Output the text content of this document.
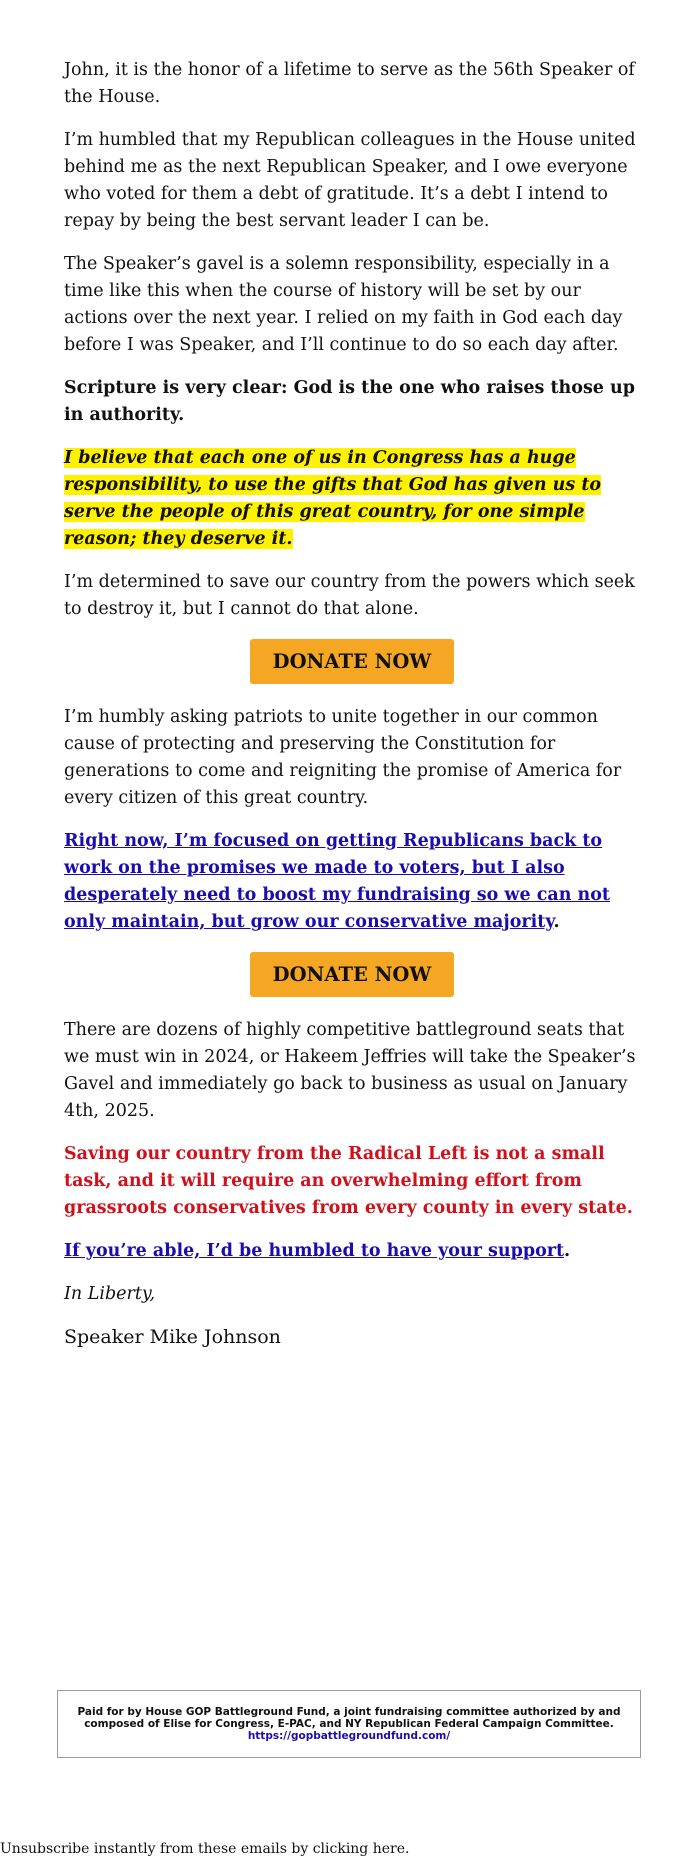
John, it is the honor of a lifetime to serve as the 56th Speaker of the House.

I’m humbled that my Republican colleagues in the House united behind me as the next Republican Speaker, and I owe everyone who voted for them a debt of gratitude. It’s a debt I intend to repay by being the best servant leader I can be.

The Speaker’s gavel is a solemn responsibility, especially in a time like this when the course of history will be set by our actions over the next year. I relied on my faith in God each day before I was Speaker, and I’ll continue to do so each day after.

Scripture is very clear: God is the one who raises those up in authority.

I believe that each one of us in Congress has a huge responsibility, to use the gifts that God has given us to serve the people of this great country, for one simple reason; they deserve it.

I’m determined to save our country from the powers which seek to destroy it, but I cannot do that alone.

DONATE NOW

I’m humbly asking patriots to unite together in our common cause of protecting and preserving the Constitution for generations to come and reigniting the promise of America for every citizen of this great country.

Right now, I’m focused on getting Republicans back to work on the promises we made to voters, but I also desperately need to boost my fundraising so we can not only maintain, but grow our conservative majority.

DONATE NOW

There are dozens of highly competitive battleground seats that we must win in 2024, or Hakeem Jeffries will take the Speaker’s Gavel and immediately go back to business as usual on January 4th, 2025.

Saving our country from the Radical Left is not a small task, and it will require an overwhelming effort from grassroots conservatives from every county in every state.

If you’re able, I’d be humbled to have your support.

In Liberty,

Speaker Mike Johnson

Paid for by House GOP Battleground Fund, a joint fundraising committee authorized by and composed of Elise for Congress, E-PAC, and NY Republican Federal Campaign Committee.
https://gopbattlegroundfund.com/
Unsubscribe instantly from these emails by clicking here.
